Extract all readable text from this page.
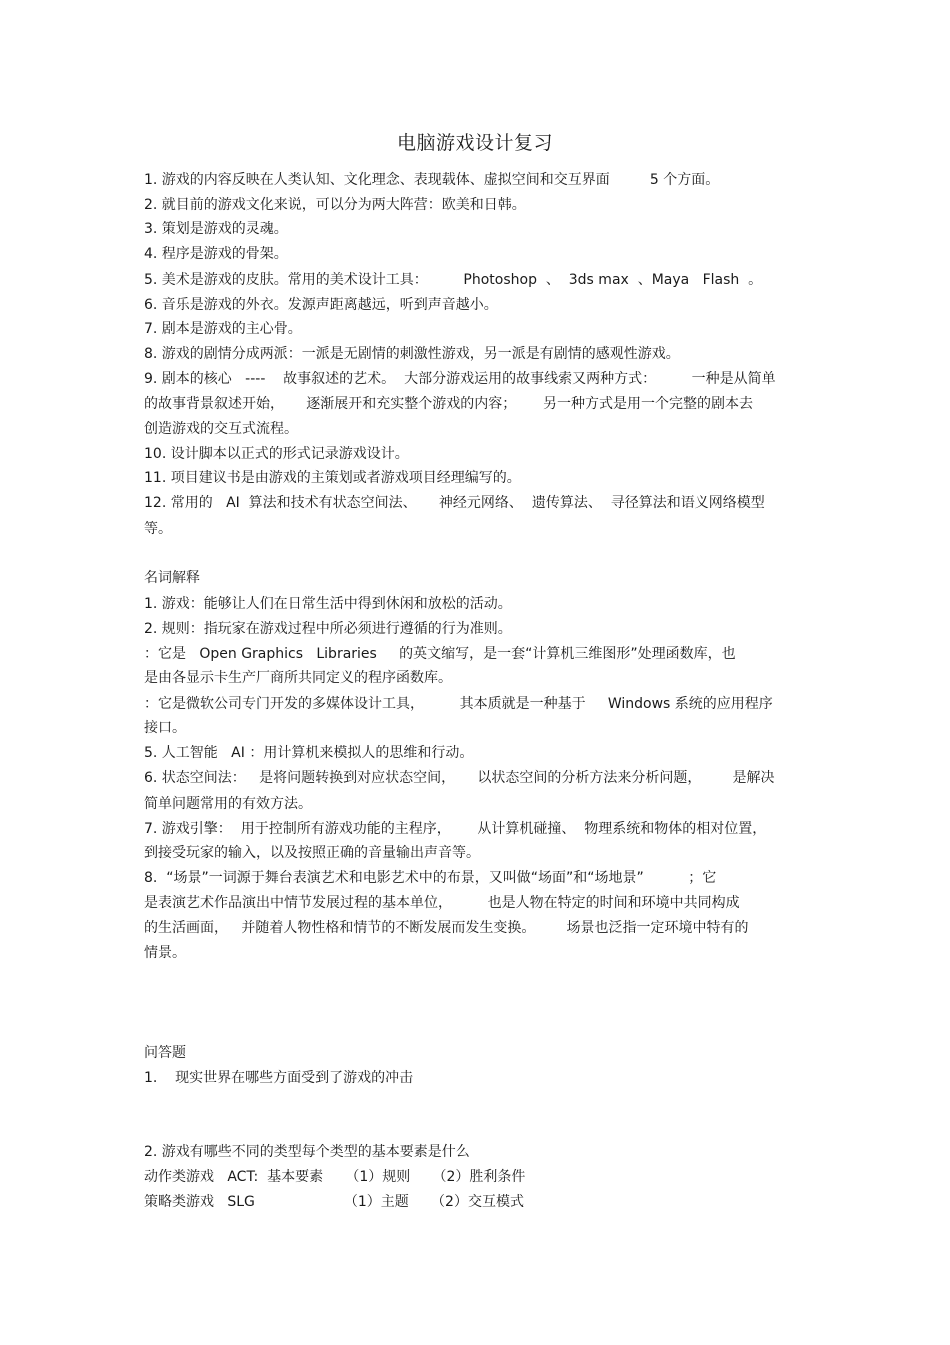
电脑游戏设计复习
1. 游戏的内容反映在人类认知、文化理念、表现载体、虚拟空间和交互界面         5 个方面。
2. 就目前的游戏文化来说，可以分为两大阵营：欧美和日韩。
3. 策划是游戏的灵魂。
4. 程序是游戏的骨架。
5. 美术是游戏的皮肤。常用的美术设计工具：        Photoshop  、  3ds max  、Maya   Flash  。
6. 音乐是游戏的外衣。发源声距离越远，听到声音越小。
7. 剧本是游戏的主心骨。
8. 游戏的剧情分成两派：一派是无剧情的刺激性游戏，另一派是有剧情的感观性游戏。
9. 剧本的核心   ----    故事叙述的艺术。  大部分游戏运用的故事线索又两种方式：        一种是从简单
的故事背景叙述开始，     逐渐展开和充实整个游戏的内容；      另一种方式是用一个完整的剧本去
创造游戏的交互式流程。
10. 设计脚本以正式的形式记录游戏设计。
11. 项目建议书是由游戏的主策划或者游戏项目经理编写的。
12. 常用的   AI  算法和技术有状态空间法、     神经元网络、  遗传算法、  寻径算法和语义网络模型
等。
名词解释
1. 游戏：能够让人们在日常生活中得到休闲和放松的活动。
2. 规则：指玩家在游戏过程中所必须进行遵循的行为准则。
：它是   Open Graphics   Libraries     的英文缩写，是一套“计算机三维图形”处理函数库，也
是由各显示卡生产厂商所共同定义的程序函数库。
：它是微软公司专门开发的多媒体设计工具，        其本质就是一种基于     Windows 系统的应用程序
接口。
5. 人工智能   AI ：用计算机来模拟人的思维和行动。
6. 状态空间法：   是将问题转换到对应状态空间，     以状态空间的分析方法来分析问题，       是解决
简单问题常用的有效方法。
7. 游戏引擎：  用于控制所有游戏功能的主程序，      从计算机碰撞、  物理系统和物体的相对位置，
到接受玩家的输入，以及按照正确的音量输出声音等。
8.  “场景”一词源于舞台表演艺术和电影艺术中的布景，又叫做“场面”和“场地景”          ；它
是表演艺术作品演出中情节发展过程的基本单位，        也是人物在特定的时间和环境中共同构成
的生活画面，   并随着人物性格和情节的不断发展而发生变换。       场景也泛指一定环境中特有的
情景。
问答题
1.    现实世界在哪些方面受到了游戏的冲击
2. 游戏有哪些不同的类型每个类型的基本要素是什么
动作类游戏   ACT:  基本要素     （1）规则     （2）胜利条件
策略类游戏   SLG                    （1）主题     （2）交互模式
